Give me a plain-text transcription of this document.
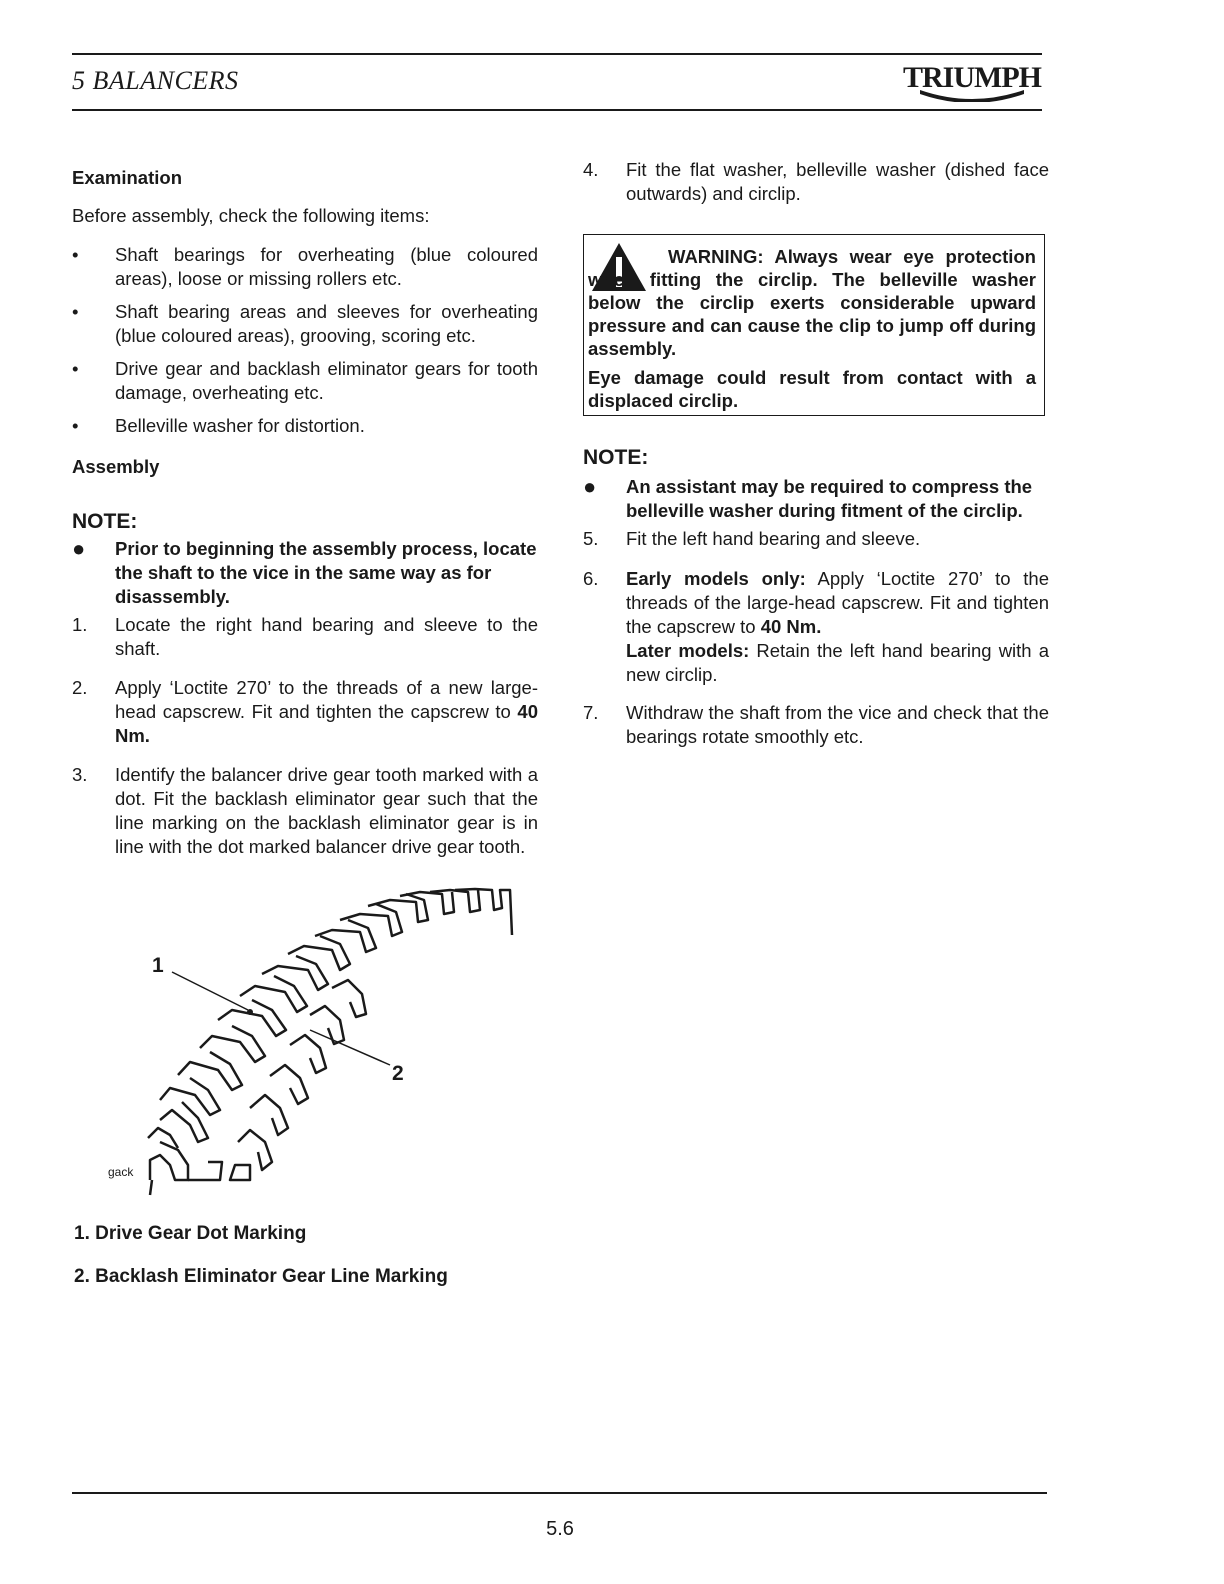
5 BALANCERS	TRIUMPH
Examination
Before assembly, check the following items:
• Shaft bearings for overheating (blue coloured areas), loose or missing rollers etc.
• Shaft bearing areas and sleeves for overheating (blue coloured areas), grooving, scoring etc.
• Drive gear and backlash eliminator gears for tooth damage, overheating etc.
• Belleville washer for distortion.
Assembly
NOTE:
● Prior to beginning the assembly process, locate the shaft to the vice in the same way as for disassembly.
1. Locate the right hand bearing and sleeve to the shaft.
2. Apply ‘Loctite 270’ to the threads of a new large-head capscrew. Fit and tighten the capscrew to 40 Nm.
3. Identify the balancer drive gear tooth marked with a dot. Fit the backlash eliminator gear such that the line marking on the backlash eliminator gear is in line with the dot marked balancer drive gear tooth.
1
2
gack
1. Drive Gear Dot Marking
2. Backlash Eliminator Gear Line Marking
4. Fit the flat washer, belleville washer (dished face outwards) and circlip.
WARNING: Always wear eye protection when fitting the circlip. The belleville washer below the circlip exerts considerable upward pressure and can cause the clip to jump off during assembly.
Eye damage could result from contact with a displaced circlip.
NOTE:
● An assistant may be required to compress the belleville washer during fitment of the circlip.
5. Fit the left hand bearing and sleeve.
6. Early models only: Apply ‘Loctite 270’ to the threads of the large-head capscrew. Fit and tighten the capscrew to 40 Nm.
Later models: Retain the left hand bearing with a new circlip.
7. Withdraw the shaft from the vice and check that the bearings rotate smoothly etc.
5.6
